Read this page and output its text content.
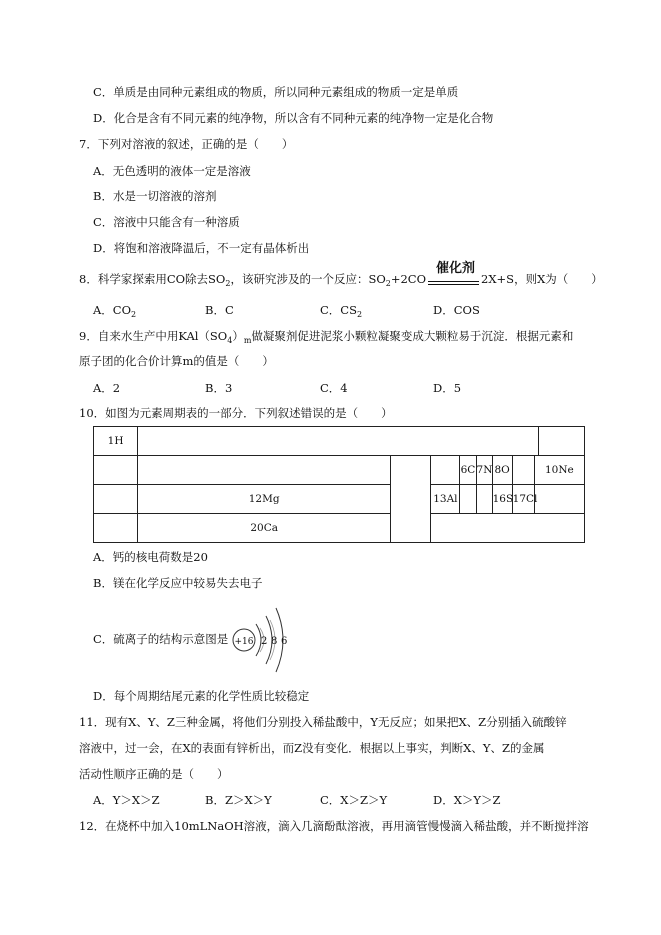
C．单质是由同种元素组成的物质，所以同种元素组成的物质一定是单质
D．化合是含有不同元素的纯净物，所以含有不同种元素的纯净物一定是化合物
7．下列对溶液的叙述，正确的是（　　）
A．无色透明的液体一定是溶液
B．水是一切溶液的溶剂
C．溶液中只能含有一种溶质
D．将饱和溶液降温后，不一定有晶体析出
8．科学家探索用CO除去$SO_2$，该研究涉及的一个反应：$SO_2+2CO$
催化剂
2X+S，则X为（　　）
A．$CO_2$	B．C	C．$CS_2$	D．COS
9．自来水生产中用$KAl(SO_4)_m$做凝聚剂促进泥浆小颗粒凝聚变成大颗粒易于沉淀．根据元素和
原子团的化合价计算m的值是（　　）
A．2	B．3	C．4	D．5
10．如图为元素周期表的一部分．下列叙述错误的是（　　）
1H									
				6C	7N	8O		10Ne	
	12Mg		13Al			16S	17Cl		
	20Ca								
A．钙的核电荷数是20
B．镁在化学反应中较易失去电子
C．硫离子的结构示意图是 +16 2 8 6
D．每个周期结尾元素的化学性质比较稳定
11．现有X、Y、Z三种金属，将他们分别投入稀盐酸中，Y无反应；如果把X、Z分别插入硫酸锌
溶液中，过一会，在X的表面有锌析出，而Z没有变化．根据以上事实，判断X、Y、Z的金属
活动性顺序正确的是（　　）
A．Y＞X＞Z	B．Z＞X＞Y	C．X＞Z＞Y	D．X＞Y＞Z
12．在烧杯中加入10mLNaOH溶液，滴入几滴酚酞溶液，再用滴管慢慢滴入稀盐酸，并不断搅拌溶
